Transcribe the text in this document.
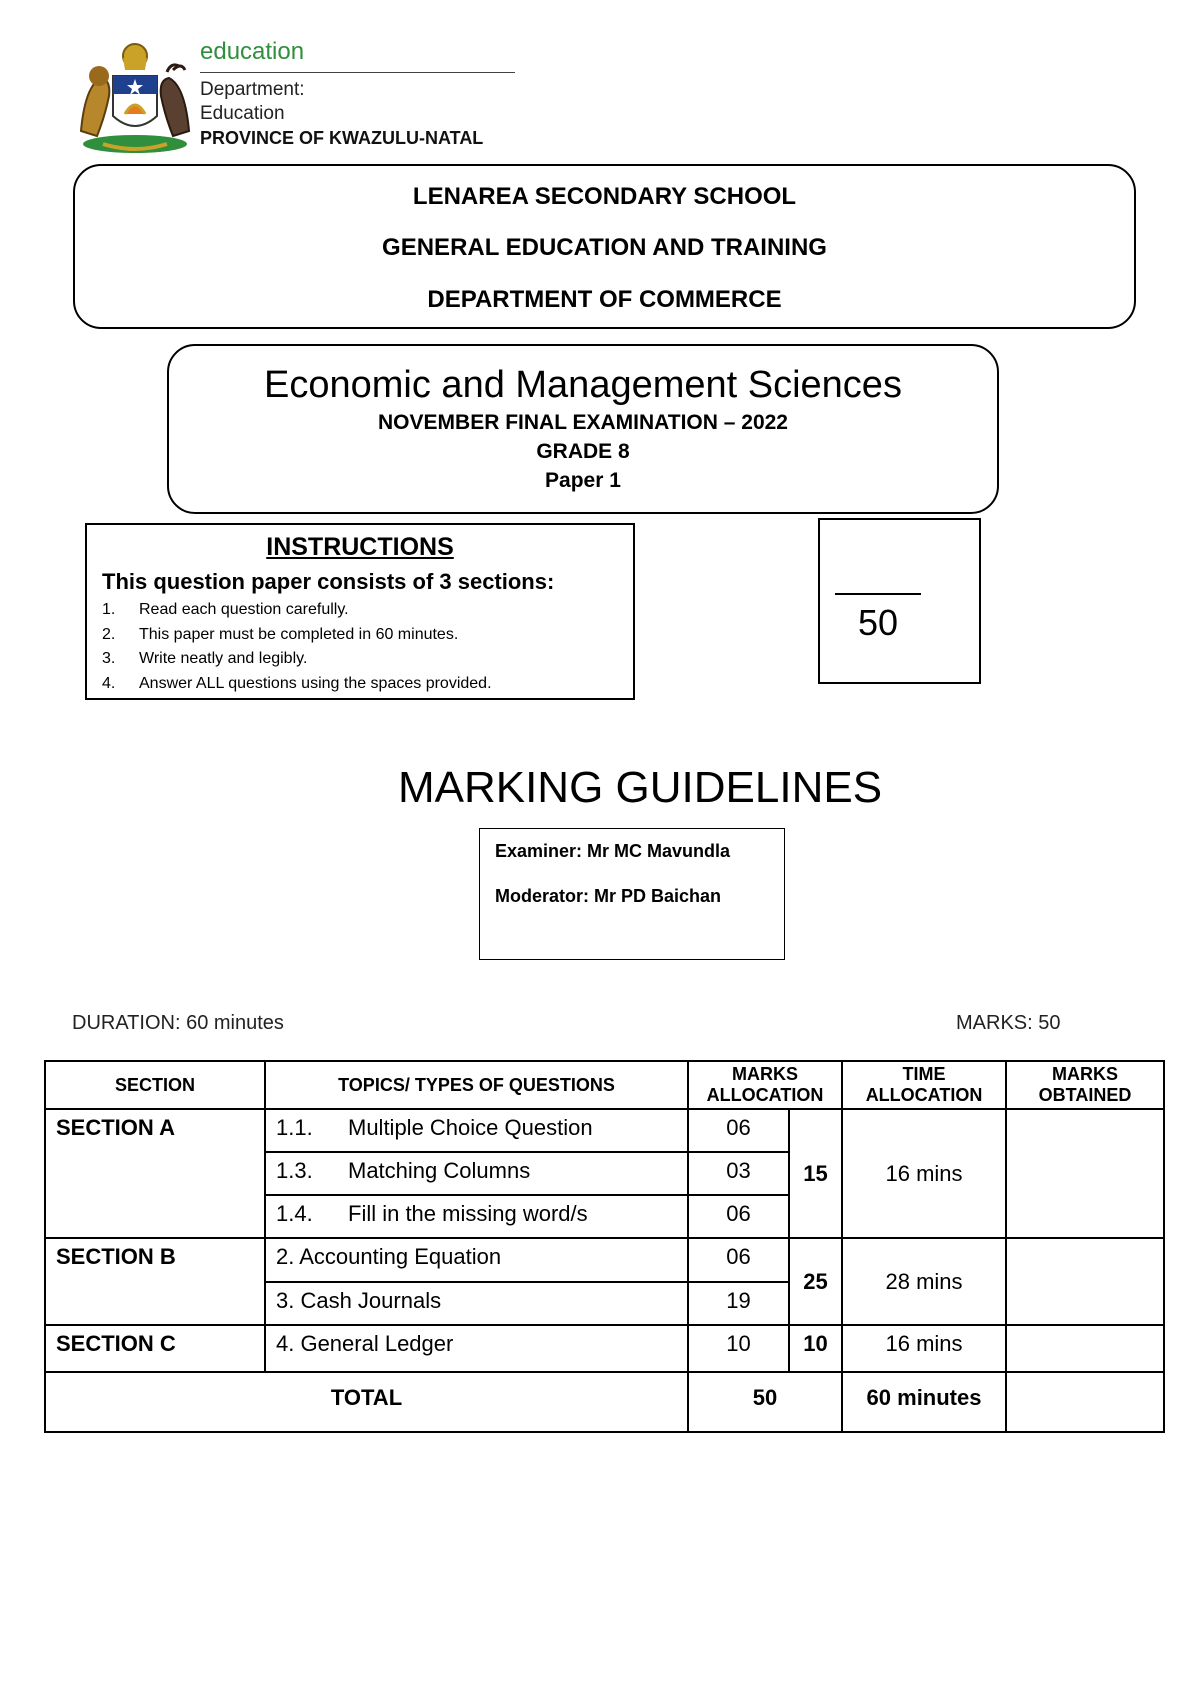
education
Department:
Education
PROVINCE OF KWAZULU-NATAL
LENAREA SECONDARY SCHOOL
GENERAL EDUCATION AND TRAINING
DEPARTMENT OF COMMERCE
Economic and Management Sciences
NOVEMBER FINAL EXAMINATION – 2022
GRADE 8
Paper 1
INSTRUCTIONS
This question paper consists of 3 sections:
1. Read each question carefully.
2. This paper must be completed in 60 minutes.
3. Write neatly and legibly.
4. Answer ALL questions using the spaces provided.
50
MARKING GUIDELINES
Examiner: Mr MC Mavundla
Moderator: Mr PD Baichan
DURATION: 60 minutes	MARKS: 50
SECTION	TOPICS/ TYPES OF QUESTIONS	MARKS ALLOCATION		TIME ALLOCATION	MARKS OBTAINED
SECTION A	1.1. Multiple Choice Question	06	15	16 mins	
	1.3. Matching Columns	03			
	1.4. Fill in the missing word/s	06			
SECTION B	2. Accounting Equation	06	25	28 mins	
	3. Cash Journals	19			
SECTION C	4. General Ledger	10	10	16 mins	
TOTAL		50		60 minutes	
